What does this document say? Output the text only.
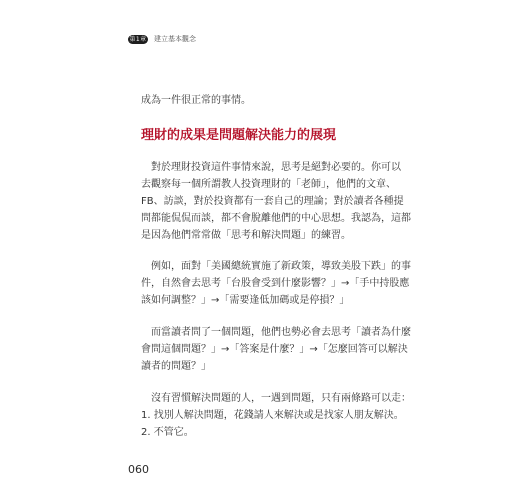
第1章 建立基本觀念
成為一件很正常的事情。
理財的成果是問題解決能力的展現
　對於理財投資這件事情來說，思考是絕對必要的。你可以
去觀察每一個所謂教人投資理財的「老師」，他們的文章、
FB、訪談，對於投資都有一套自己的理論；對於讀者各種提
問都能侃侃而談，都不會脫離他們的中心思想。我認為，這都
是因為他們常常做「思考和解決問題」的練習。
　例如，面對「美國總統實施了新政策，導致美股下跌」的事
件，自然會去思考「台股會受到什麼影響？」→「手中持股應
該如何調整？」→「需要逢低加碼或是停損？」
　而當讀者問了一個問題，他們也勢必會去思考「讀者為什麼
會問這個問題？」→「答案是什麼？」→「怎麼回答可以解決
讀者的問題？」
　沒有習慣解決問題的人，一遇到問題，只有兩條路可以走：
1. 找別人解決問題，花錢請人來解決或是找家人朋友解決。
2. 不管它。
060
